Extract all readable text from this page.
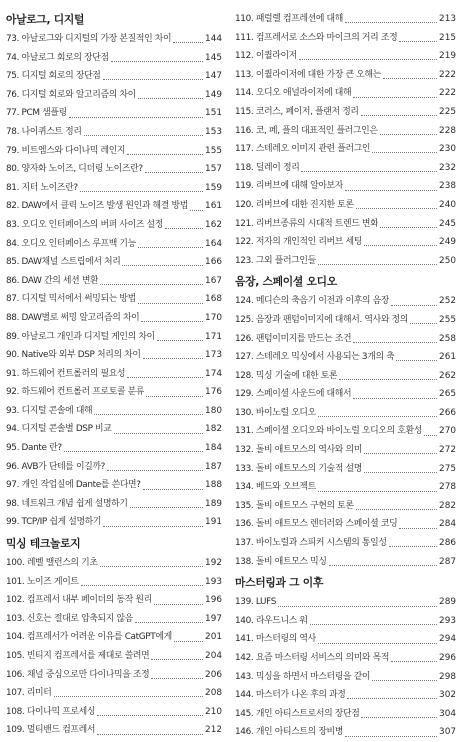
아날로그, 디지털
73. 아날로그와 디지털의 가장 본질적인 차이	144
74. 아날로그 회로의 장단점	145
75. 디지털 회로의 장단점	147
76. 디지털 회로와 알고리즘의 차이	149
77. PCM 샘플링	151
78. 나이퀴스트 정리	153
79. 비트엠스와 다이나믹 레인지	155
80. 양자화 노이즈, 디더링 노이즈란?	157
81. 지터 노이즈란?	159
82. DAW에서 클릭 노이즈 발생 원인과 해결 방법 161
83. 오디오 인터페이스의 버퍼 사이즈 설정	162
84. 오디오 인터페이스 루프백 기능	164
85. DAW채널 스트립에서 처리	166
86. DAW 간의 세션 변환	167
87. 디지털 믹서에서 써밍되는 방법	168
88. DAW별로 써밍 알고리즘의 차이	170
89. 아날로그 개인과 디지털 게인의 차이	171
90. Native와 외부 DSP 처리의 차이	173
91. 하드웨어 컨트롤러의 필요성	174
92. 하드웨어 컨트롤러 프로토콜 분류	176
93. 디지털 콘솔에 대해	180
94. 디지털 콘솔별 DSP 비교	182
95. Dante 란?	184
96. AVB가 단테를 이길까?	187
97. 개인 작업실에 Dante를 쓴다면?	188
98. 네트워크 개념 쉽게 설명하기	189
99. TCP/IP 쉽게 설명하기	191
믹싱 테크놀로지
100. 레벨 밸런스의 기초	192
101. 노이즈 게이트	193
102. 컴프레서 내부 페이더의 동작 원리	196
103. 신호는 절대로 압축되지 않음	197
104. 컴프레서가 어려운 이유를 CatGPT에게	201
105. 빈티지 컴프레서를 제대로 쓸려면	204
106. 채널 중심으로만 다이나믹을 조정	206
107. 리미터	208
108. 다이나믹 프로세싱	210
109. 멀티밴드 컴프레서	212
110. 패럴렐 컴프레션에 대해	213
111. 컴프레서로 소스와 마이크의 거리 조정	215
112. 이퀄라이저	219
113. 이퀄라이저에 대한 가장 큰 오해는	222
114. 오디오 애널라이저에 대해	222
115. 코러스, 페이저, 플랜저 정리	225
116. 코, 페, 플의 대표적인 플러그인은	228
117. 스테레오 이미지 관련 플러그인	230
118. 딜레이 정리	232
119. 리버브에 대해 알아보자	238
120. 리버브에 대한 진지한 토론	240
121. 리버브종류의 시대적 트렌드 변화	245
122. 저자의 개인적인 리버브 세팅	249
123. 그외 플러그인들	250
음장, 스페이셜 오디오
124. 메디슨의 축음기 이전과 이후의 음장	252
125. 음장과 팬텀이미지에 대해서. 역사와 정의	255
126. 팬텀이미지를 만드는 조건	258
127. 스테레오 믹싱에서 사용되는 3개의 축	261
128. 믹싱 기술에 대한 토론	262
129. 스페이셜 사운드에 대해서	265
130. 바이노럴 오디오	266
131. 스페이셜 오디오와 바이노럴 오디오의 호환성 270
132. 돌비 애트모스의 역사와 의미	272
133. 돌비 애트모스의 기술적 설명	275
134. 베드와 오브젝트	278
135. 돌비 애트모스 구현의 토론	282
136. 돌비 애트모스 렌더러와 스페이셜 코딩	284
137. 바이노럴과 스피커 시스템의 통일성	286
138. 돌비 애트모스 믹싱	287
마스터링과 그 이후
139. LUFS	289
140. 라우드니스 워	293
141. 마스터링의 역사	294
142. 요즘 마스터링 서비스의 의미와 목적	296
143. 믹싱을 하면서 마스터링을 같이	298
144. 마스터가 나온 후의 과정	302
145. 개인 아티스트로서의 장단점	304
146. 개인 아티스트의 장비병	307
